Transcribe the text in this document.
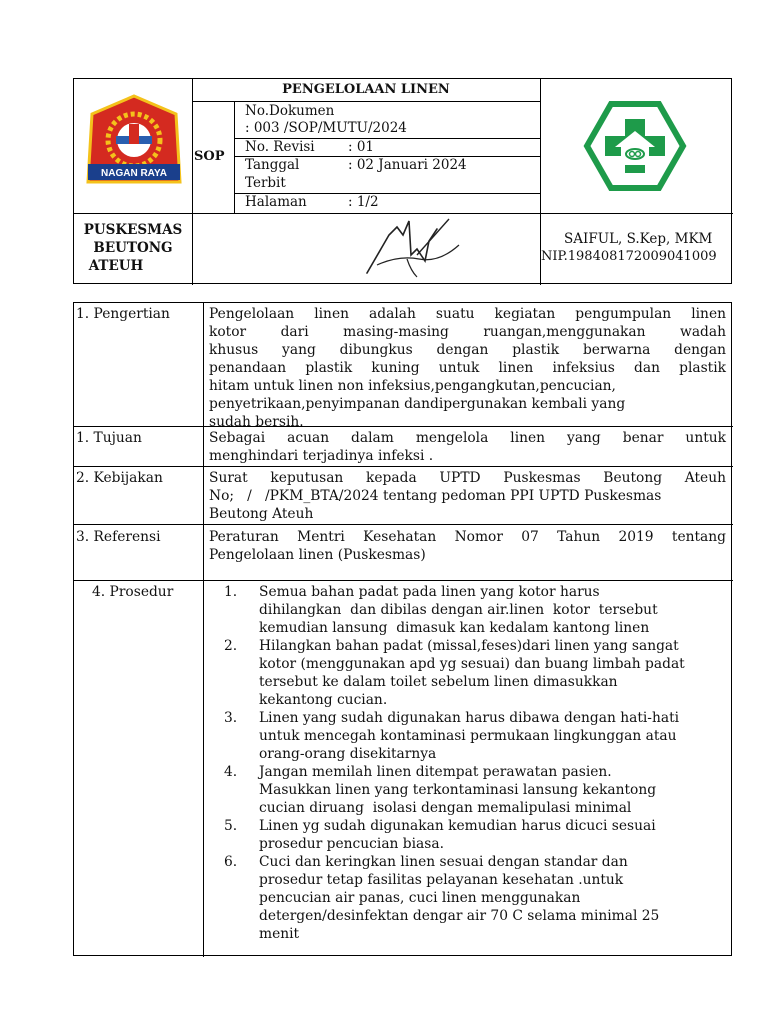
NAGAN RAYA
PENGELOLAAN LINEN
SOP
No.Dokumen
: 003 /SOP/MUTU/2024
No. Revisi : 01
Tanggal	: 02 Januari 2024
Terbit
Halaman	: 1/2
PUSKESMAS
BEUTONG
ATEUH
SAIFUL, S.Kep, MKM
NIP.198408172009041009
1. Pengertian	Pengelolaan linen adalah suatu kegiatan pengumpulan linen
kotor dari masing-masing ruangan,menggunakan wadah
khusus yang dibungkus dengan plastik berwarna dengan
penandaan plastik kuning untuk linen infeksius dan plastik
hitam untuk linen non infeksius,pengangkutan,pencucian,
penyetrikaan,penyimpanan dandipergunakan kembali yang
sudah bersih.
1. Tujuan	Sebagai acuan dalam mengelola linen yang benar untuk
menghindari terjadinya infeksi .
2. Kebijakan	Surat keputusan kepada UPTD Puskesmas Beutong Ateuh
No;   /   /PKM_BTA/2024 tentang pedoman PPI UPTD Puskesmas
Beutong Ateuh
3. Referensi	Peraturan Mentri Kesehatan Nomor 07 Tahun 2019 tentang
Pengelolaan linen (Puskesmas)
4. Prosedur	1. Semua bahan padat pada linen yang kotor harus
dihilangkan  dan dibilas dengan air.linen  kotor  tersebut
kemudian lansung  dimasuk kan kedalam kantong linen
2. Hilangkan bahan padat (missal,feses)dari linen yang sangat
kotor (menggunakan apd yg sesuai) dan buang limbah padat
tersebut ke dalam toilet sebelum linen dimasukkan
kekantong cucian.
3. Linen yang sudah digunakan harus dibawa dengan hati-hati
untuk mencegah kontaminasi permukaan lingkunggan atau
orang-orang disekitarnya
4. Jangan memilah linen ditempat perawatan pasien.
Masukkan linen yang terkontaminasi lansung kekantong
cucian diruang  isolasi dengan memalipulasi minimal
5. Linen yg sudah digunakan kemudian harus dicuci sesuai
prosedur pencucian biasa.
6. Cuci dan keringkan linen sesuai dengan standar dan
prosedur tetap fasilitas pelayanan kesehatan .untuk
pencucian air panas, cuci linen menggunakan
detergen/desinfektan dengar air 70 C selama minimal 25
menit
